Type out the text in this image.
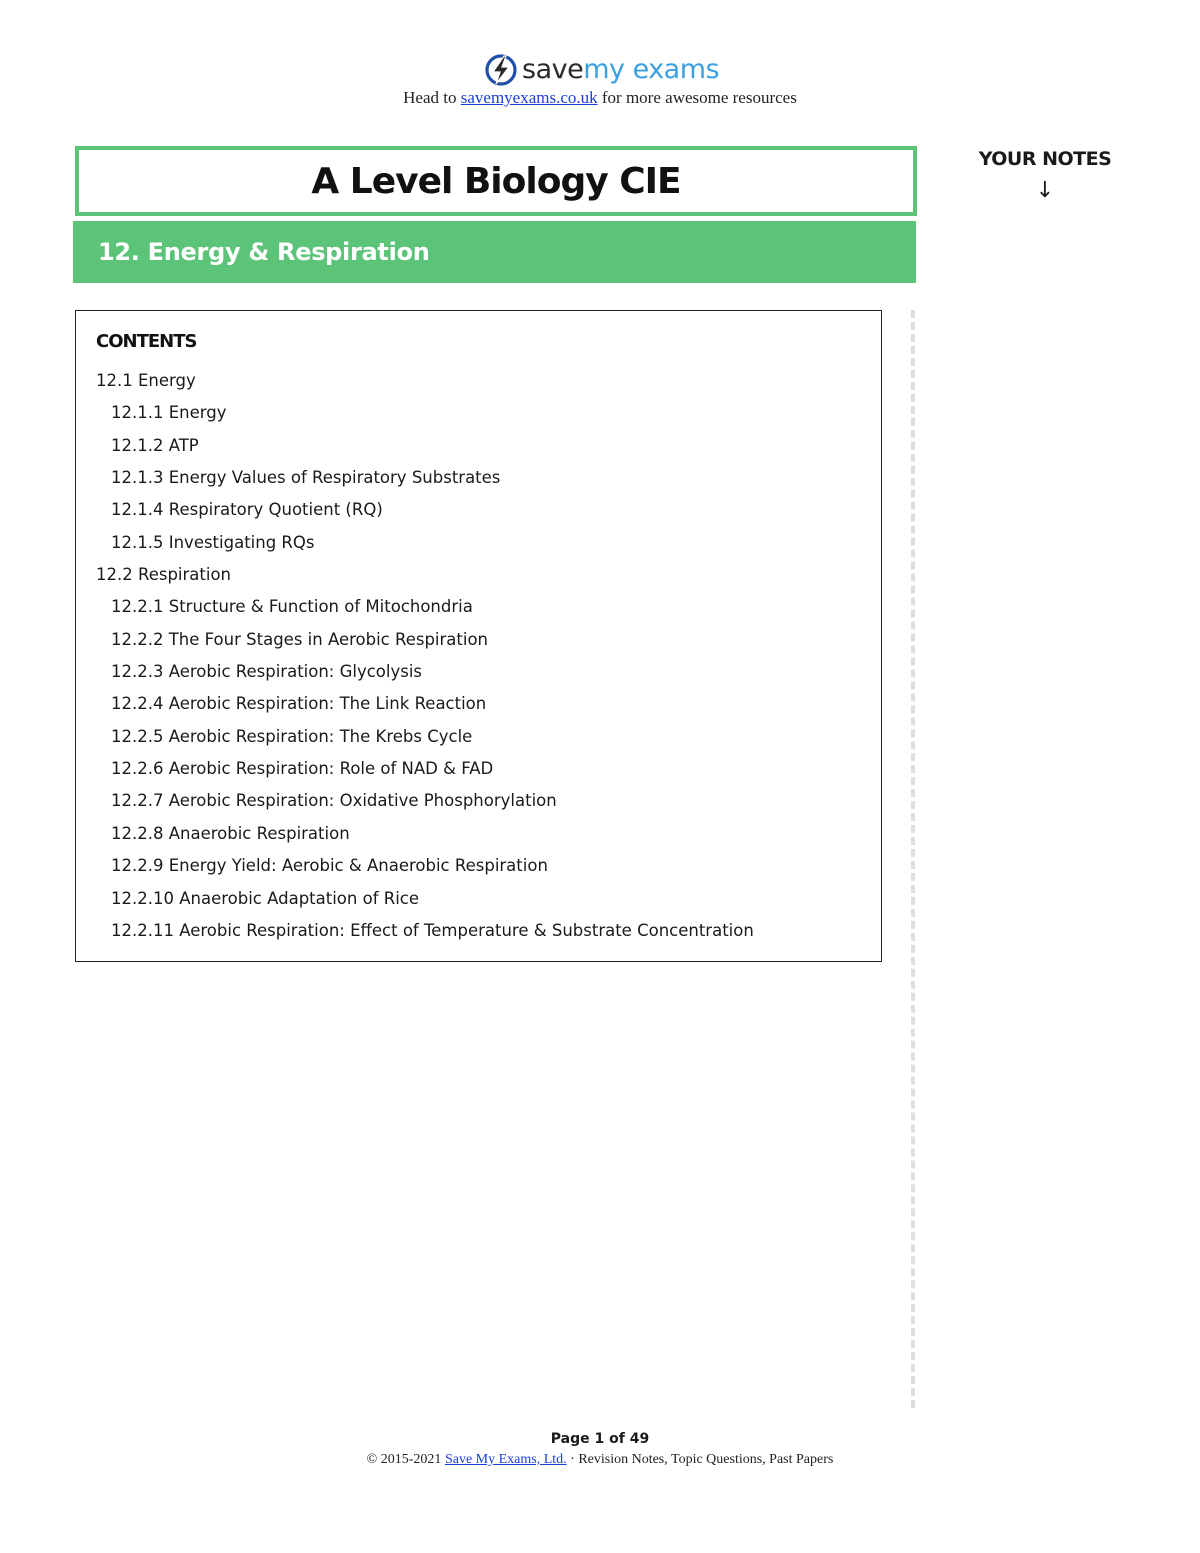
savemy exams
Head to savemyexams.co.uk for more awesome resources
A Level Biology CIE
12. Energy & Respiration
YOUR NOTES
↓
CONTENTS
12.1 Energy
12.1.1 Energy
12.1.2 ATP
12.1.3 Energy Values of Respiratory Substrates
12.1.4 Respiratory Quotient (RQ)
12.1.5 Investigating RQs
12.2 Respiration
12.2.1 Structure & Function of Mitochondria
12.2.2 The Four Stages in Aerobic Respiration
12.2.3 Aerobic Respiration: Glycolysis
12.2.4 Aerobic Respiration: The Link Reaction
12.2.5 Aerobic Respiration: The Krebs Cycle
12.2.6 Aerobic Respiration: Role of NAD & FAD
12.2.7 Aerobic Respiration: Oxidative Phosphorylation
12.2.8 Anaerobic Respiration
12.2.9 Energy Yield: Aerobic & Anaerobic Respiration
12.2.10 Anaerobic Adaptation of Rice
12.2.11 Aerobic Respiration: Effect of Temperature & Substrate Concentration
Page 1 of 49
© 2015-2021 Save My Exams, Ltd. · Revision Notes, Topic Questions, Past Papers
